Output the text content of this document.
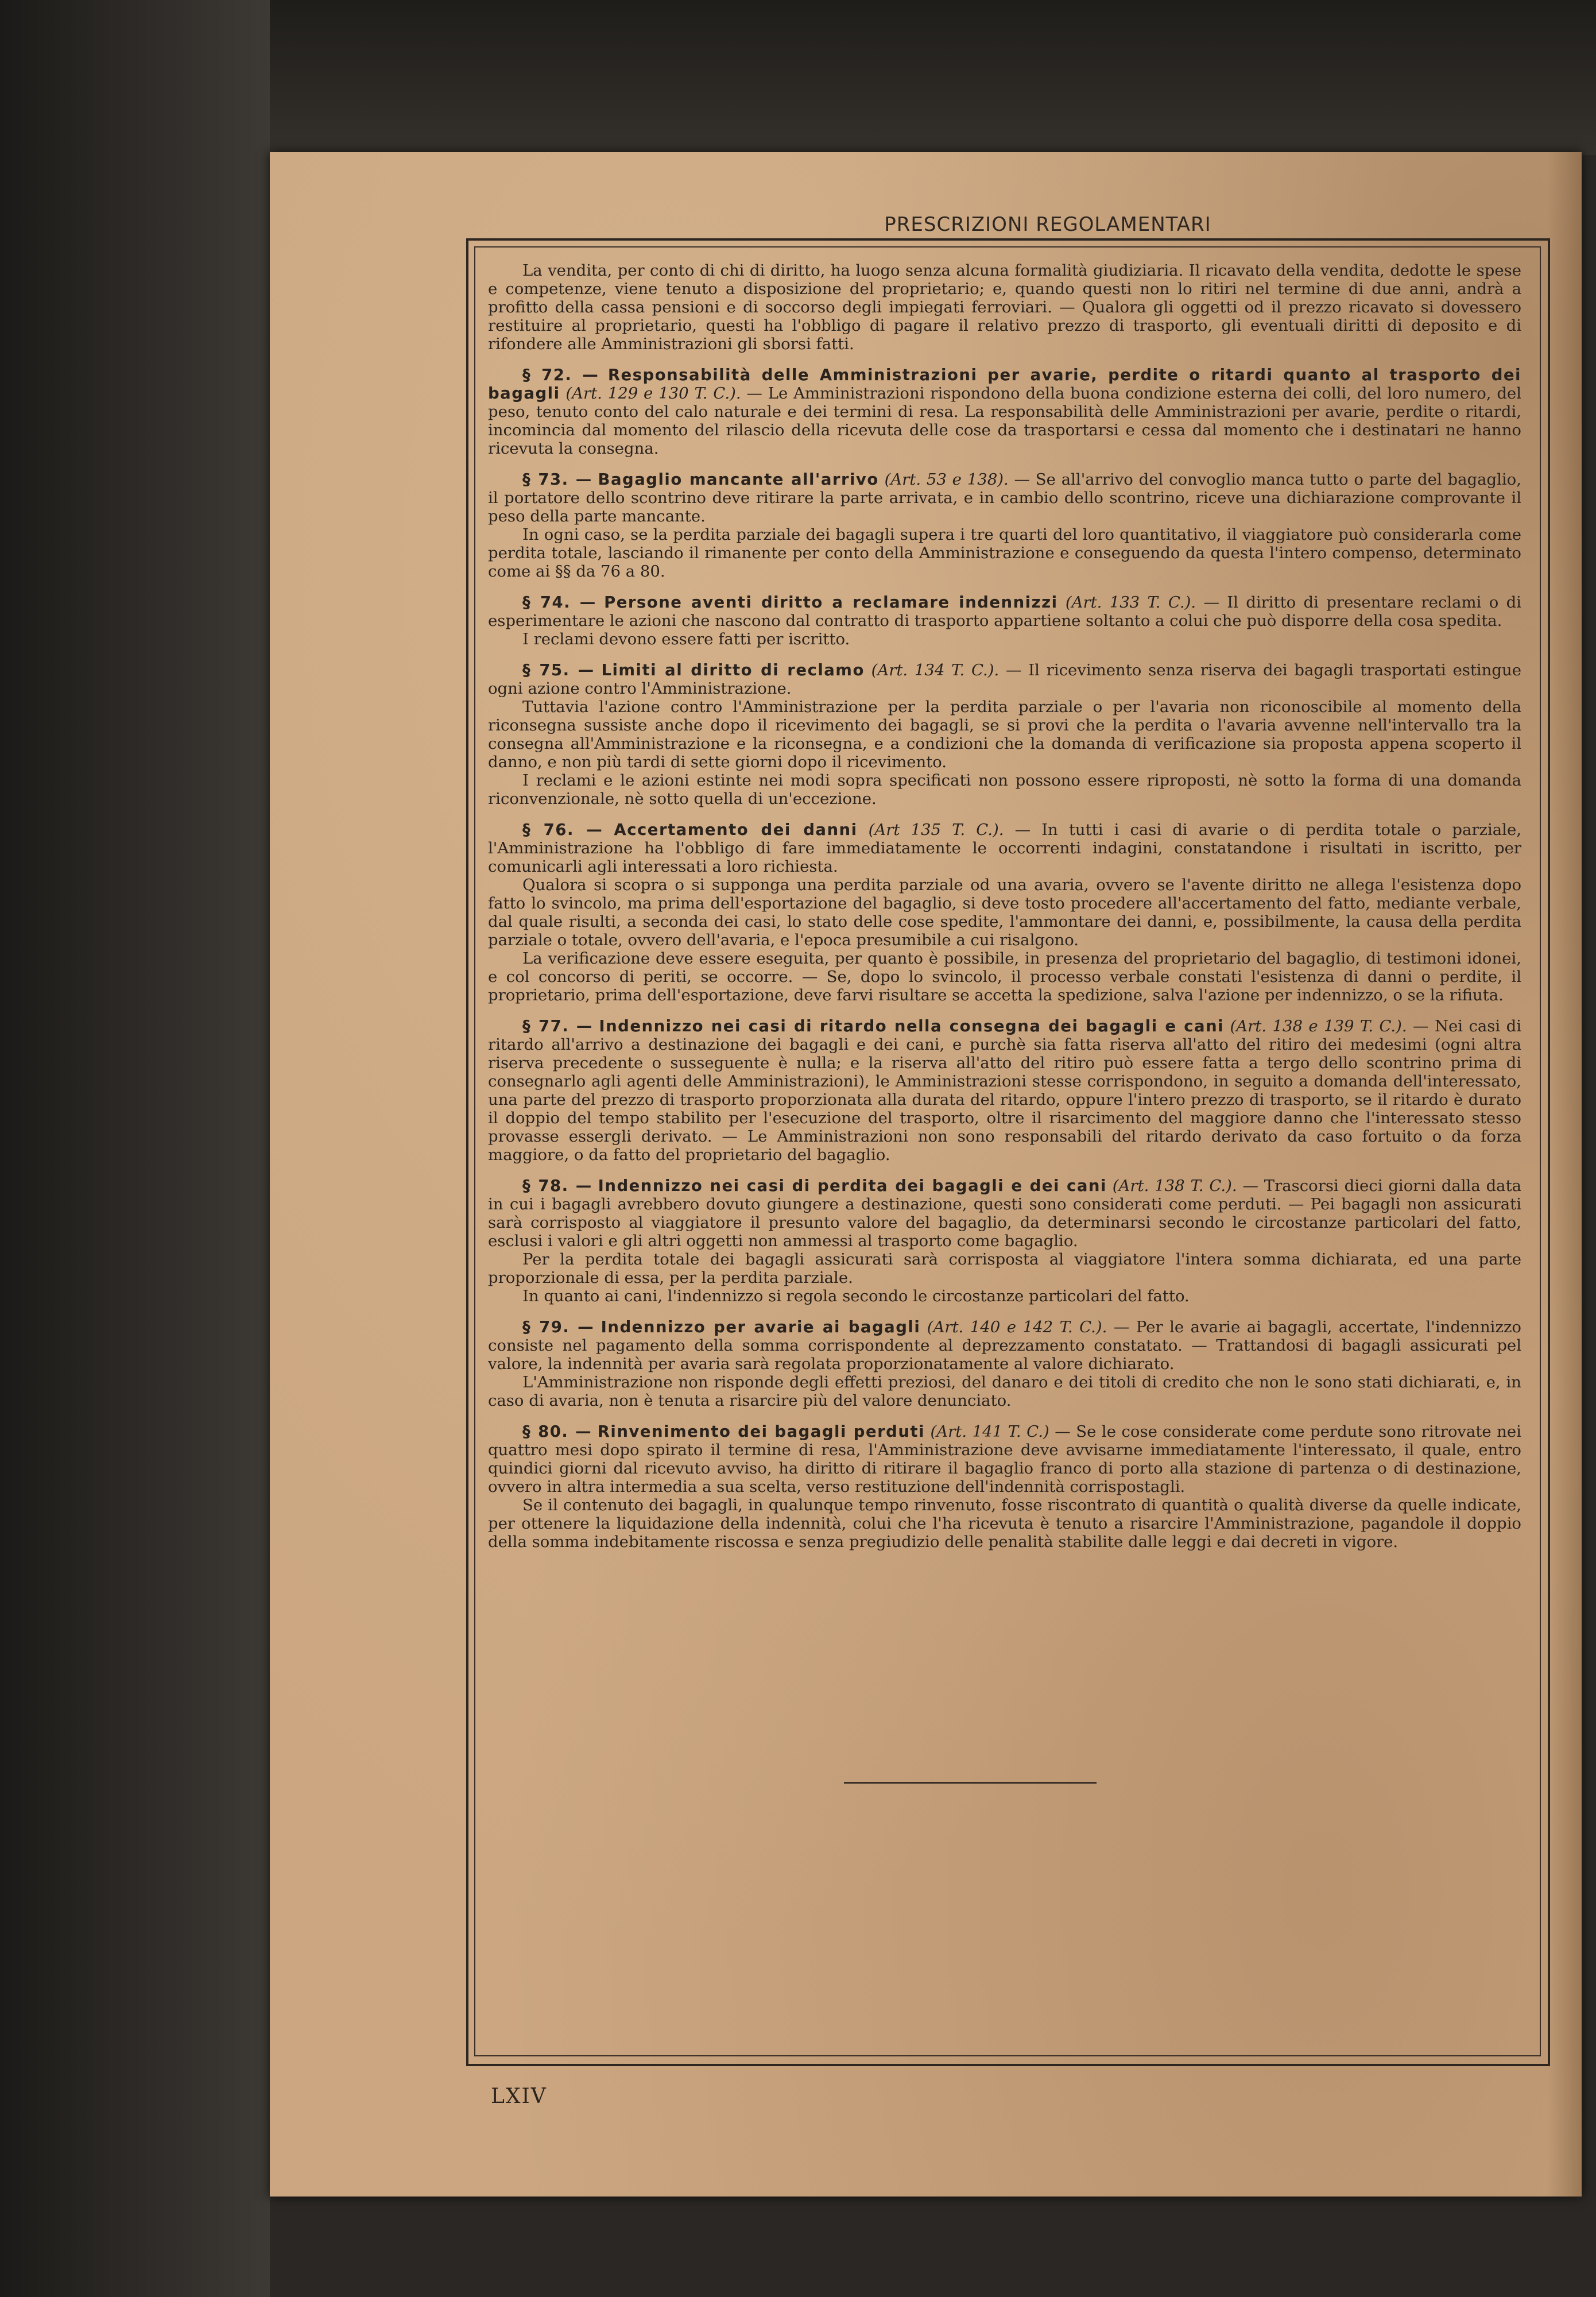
PRESCRIZIONI REGOLAMENTARI

La vendita, per conto di chi di diritto, ha luogo senza alcuna formalità giudiziaria. Il ricavato della vendita, dedotte le spese e competenze, viene tenuto a disposizione del proprietario; e, quando questi non lo ritiri nel termine di due anni, andrà a profitto della cassa pensioni e di soccorso degli impiegati ferroviari. — Qualora gli oggetti od il prezzo ricavato si dovessero restituire al proprietario, questi ha l'obbligo di pagare il relativo prezzo di trasporto, gli eventuali diritti di deposito e di rifondere alle Amministrazioni gli sborsi fatti.

§ 72. — Responsabilità delle Amministrazioni per avarie, perdite o ritardi quanto al trasporto dei bagagli (Art. 129 e 130 T. C.). — Le Amministrazioni rispondono della buona condizione esterna dei colli, del loro numero, del peso, tenuto conto del calo naturale e dei termini di resa. La responsabilità delle Amministrazioni per avarie, perdite o ritardi, incomincia dal momento del rilascio della ricevuta delle cose da trasportarsi e cessa dal momento che i destinatari ne hanno ricevuta la consegna.

§ 73. — Bagaglio mancante all'arrivo (Art. 53 e 138). — Se all'arrivo del convoglio manca tutto o parte del bagaglio, il portatore dello scontrino deve ritirare la parte arrivata, e in cambio dello scontrino, riceve una dichiarazione comprovante il peso della parte mancante.

In ogni caso, se la perdita parziale dei bagagli supera i tre quarti del loro quantitativo, il viaggiatore può considerarla come perdita totale, lasciando il rimanente per conto della Amministrazione e conseguendo da questa l'intero compenso, determinato come ai §§ da 76 a 80.

§ 74. — Persone aventi diritto a reclamare indennizzi (Art. 133 T. C.). — Il diritto di presentare reclami o di esperimentare le azioni che nascono dal contratto di trasporto appartiene soltanto a colui che può disporre della cosa spedita.

I reclami devono essere fatti per iscritto.

§ 75. — Limiti al diritto di reclamo (Art. 134 T. C.). — Il ricevimento senza riserva dei bagagli trasportati estingue ogni azione contro l'Amministrazione.

Tuttavia l'azione contro l'Amministrazione per la perdita parziale o per l'avaria non riconoscibile al momento della riconsegna sussiste anche dopo il ricevimento dei bagagli, se si provi che la perdita o l'avaria avvenne nell'intervallo tra la consegna all'Amministrazione e la riconsegna, e a condizioni che la domanda di verificazione sia proposta appena scoperto il danno, e non più tardi di sette giorni dopo il ricevimento.

I reclami e le azioni estinte nei modi sopra specificati non possono essere riproposti, nè sotto la forma di una domanda riconvenzionale, nè sotto quella di un'eccezione.

§ 76. — Accertamento dei danni (Art 135 T. C.). — In tutti i casi di avarie o di perdita totale o parziale, l'Amministrazione ha l'obbligo di fare immediatamente le occorrenti indagini, constatandone i risultati in iscritto, per comunicarli agli interessati a loro richiesta.

Qualora si scopra o si supponga una perdita parziale od una avaria, ovvero se l'avente diritto ne allega l'esistenza dopo fatto lo svincolo, ma prima dell'esportazione del bagaglio, si deve tosto procedere all'accertamento del fatto, mediante verbale, dal quale risulti, a seconda dei casi, lo stato delle cose spedite, l'ammontare dei danni, e, possibilmente, la causa della perdita parziale o totale, ovvero dell'avaria, e l'epoca presumibile a cui risalgono.

La verificazione deve essere eseguita, per quanto è possibile, in presenza del proprietario del bagaglio, di testimoni idonei, e col concorso di periti, se occorre. — Se, dopo lo svincolo, il processo verbale constati l'esistenza di danni o perdite, il proprietario, prima dell'esportazione, deve farvi risultare se accetta la spedizione, salva l'azione per indennizzo, o se la rifiuta.

§ 77. — Indennizzo nei casi di ritardo nella consegna dei bagagli e cani (Art. 138 e 139 T. C.). — Nei casi di ritardo all'arrivo a destinazione dei bagagli e dei cani, e purchè sia fatta riserva all'atto del ritiro dei medesimi (ogni altra riserva precedente o susseguente è nulla; e la riserva all'atto del ritiro può essere fatta a tergo dello scontrino prima di consegnarlo agli agenti delle Amministrazioni), le Amministrazioni stesse corrispondono, in seguito a domanda dell'interessato, una parte del prezzo di trasporto proporzionata alla durata del ritardo, oppure l'intero prezzo di trasporto, se il ritardo è durato il doppio del tempo stabilito per l'esecuzione del trasporto, oltre il risarcimento del maggiore danno che l'interessato stesso provasse essergli derivato. — Le Amministrazioni non sono responsabili del ritardo derivato da caso fortuito o da forza maggiore, o da fatto del proprietario del bagaglio.

§ 78. — Indennizzo nei casi di perdita dei bagagli e dei cani (Art. 138 T. C.). — Trascorsi dieci giorni dalla data in cui i bagagli avrebbero dovuto giungere a destinazione, questi sono considerati come perduti. — Pei bagagli non assicurati sarà corrisposto al viaggiatore il presunto valore del bagaglio, da determinarsi secondo le circostanze particolari del fatto, esclusi i valori e gli altri oggetti non ammessi al trasporto come bagaglio.

Per la perdita totale dei bagagli assicurati sarà corrisposta al viaggiatore l'intera somma dichiarata, ed una parte proporzionale di essa, per la perdita parziale.

In quanto ai cani, l'indennizzo si regola secondo le circostanze particolari del fatto.

§ 79. — Indennizzo per avarie ai bagagli (Art. 140 e 142 T. C.). — Per le avarie ai bagagli, accertate, l'indennizzo consiste nel pagamento della somma corrispondente al deprezzamento constatato. — Trattandosi di bagagli assicurati pel valore, la indennità per avaria sarà regolata proporzionatamente al valore dichiarato.

L'Amministrazione non risponde degli effetti preziosi, del danaro e dei titoli di credito che non le sono stati dichiarati, e, in caso di avaria, non è tenuta a risarcire più del valore denunciato.

§ 80. — Rinvenimento dei bagagli perduti (Art. 141 T. C.) — Se le cose considerate come perdute sono ritrovate nei quattro mesi dopo spirato il termine di resa, l'Amministrazione deve avvisarne immediatamente l'interessato, il quale, entro quindici giorni dal ricevuto avviso, ha diritto di ritirare il bagaglio franco di porto alla stazione di partenza o di destinazione, ovvero in altra intermedia a sua scelta, verso restituzione dell'indennità corrispostagli.

Se il contenuto dei bagagli, in qualunque tempo rinvenuto, fosse riscontrato di quantità o qualità diverse da quelle indicate, per ottenere la liquidazione della indennità, colui che l'ha ricevuta è tenuto a risarcire l'Amministrazione, pagandole il doppio della somma indebitamente riscossa e senza pregiudizio delle penalità stabilite dalle leggi e dai decreti in vigore.

LXIV
